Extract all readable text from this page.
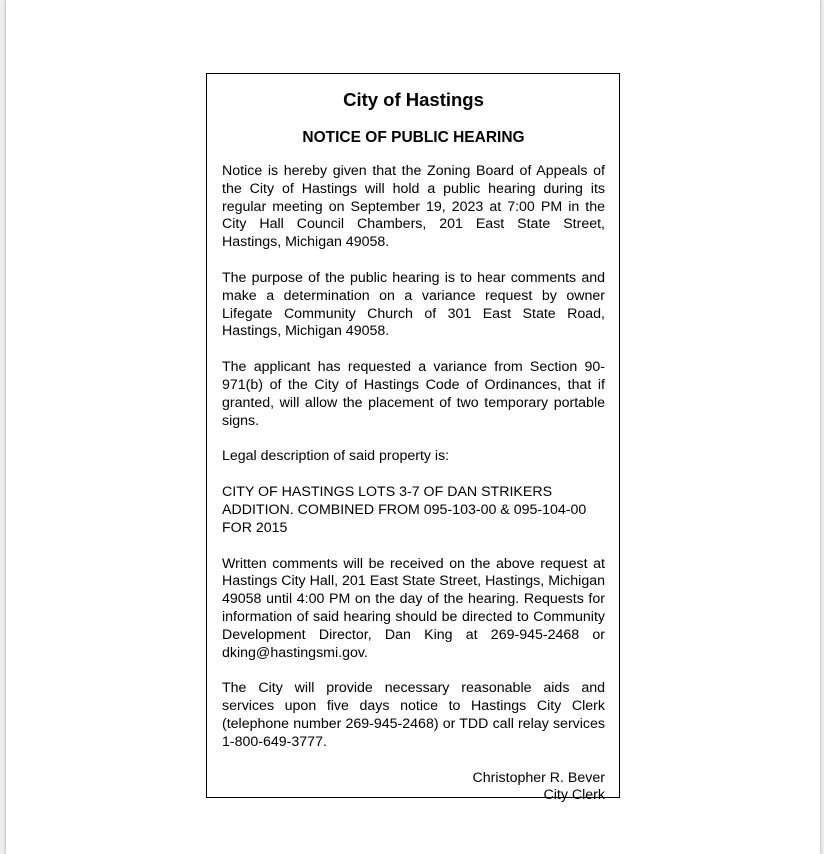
City of Hastings
NOTICE OF PUBLIC HEARING

Notice is hereby given that the Zoning Board of Appeals of the City of Hastings will hold a public hearing during its regular meeting on September 19, 2023 at 7:00 PM in the City Hall Council Chambers, 201 East State Street, Hastings, Michigan 49058.

The purpose of the public hearing is to hear comments and make a determination on a variance request by owner Lifegate Community Church of 301 East State Road, Hastings, Michigan 49058.

The applicant has requested a variance from Section 90-971(b) of the City of Hastings Code of Ordinances, that if granted, will allow the placement of two temporary portable signs.

Legal description of said property is:

CITY OF HASTINGS LOTS 3-7 OF DAN STRIKERS ADDITION. COMBINED FROM 095-103-00 & 095-104-00 FOR 2015

Written comments will be received on the above request at Hastings City Hall, 201 East State Street, Hastings, Michigan 49058 until 4:00 PM on the day of the hearing. Requests for information of said hearing should be directed to Community Development Director, Dan King at 269-945-2468 or dking@hastingsmi.gov.

The City will provide necessary reasonable aids and services upon five days notice to Hastings City Clerk (telephone number 269-945-2468) or TDD call relay services 1-800-649-3777.

Christopher R. Bever
City Clerk
